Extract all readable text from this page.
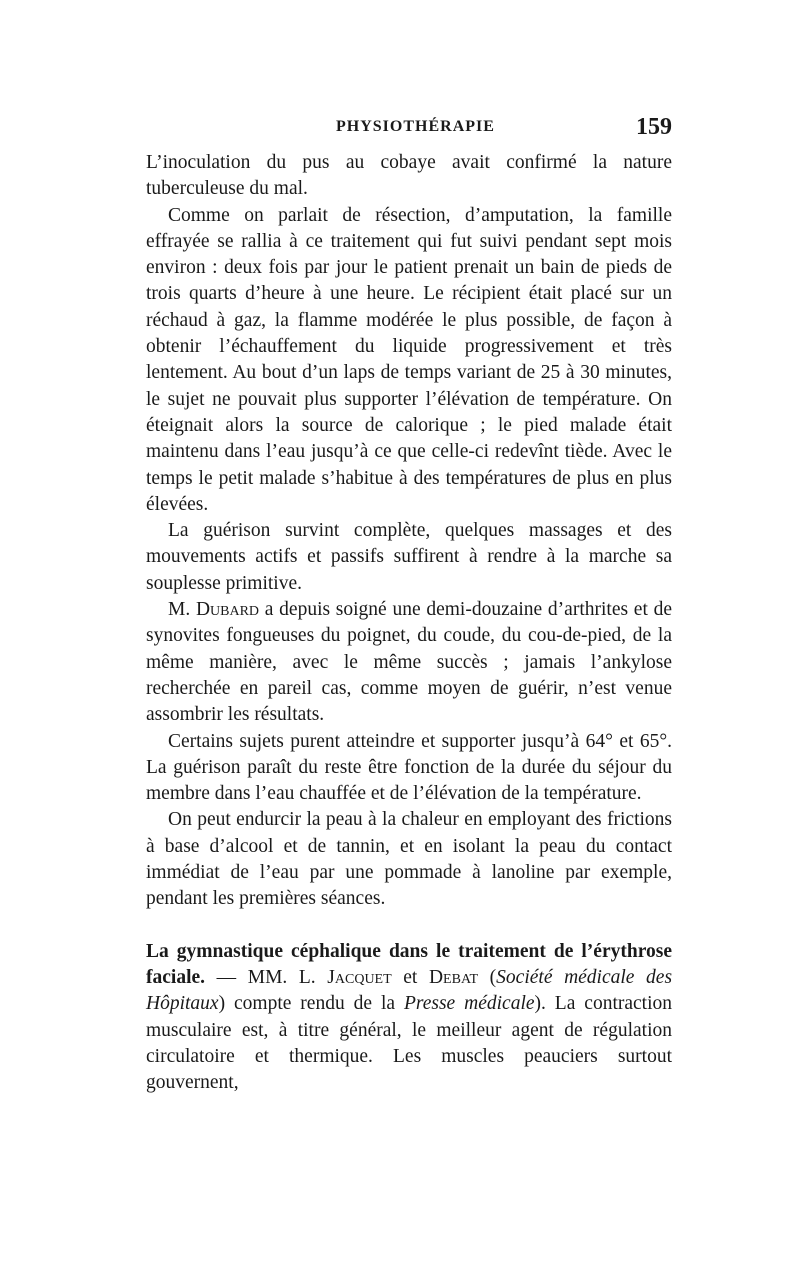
PHYSIOTHÉRAPIE	159

L’inoculation du pus au cobaye avait confirmé la nature tuberculeuse du mal.

Comme on parlait de résection, d’amputation, la famille effrayée se rallia à ce traitement qui fut suivi pendant sept mois environ : deux fois par jour le patient prenait un bain de pieds de trois quarts d’heure à une heure. Le récipient était placé sur un réchaud à gaz, la flamme modérée le plus possible, de façon à obtenir l’échauffement du liquide progressivement et très lentement. Au bout d’un laps de temps variant de 25 à 30 minutes, le sujet ne pouvait plus supporter l’élévation de température. On éteignait alors la source de calorique ; le pied malade était maintenu dans l’eau jusqu’à ce que celle-ci redevînt tiède. Avec le temps le petit malade s’habitue à des températures de plus en plus élevées.

La guérison survint complète, quelques massages et des mouvements actifs et passifs suffirent à rendre à la marche sa souplesse primitive.

M. Dubard a depuis soigné une demi-douzaine d’arthrites et de synovites fongueuses du poignet, du coude, du cou-de-pied, de la même manière, avec le même succès ; jamais l’ankylose recherchée en pareil cas, comme moyen de guérir, n’est venue assombrir les résultats.

Certains sujets purent atteindre et supporter jusqu’à 64° et 65°. La guérison paraît du reste être fonction de la durée du séjour du membre dans l’eau chauffée et de l’élévation de la température.

On peut endurcir la peau à la chaleur en employant des frictions à base d’alcool et de tannin, et en isolant la peau du contact immédiat de l’eau par une pommade à lanoline par exemple, pendant les premières séances.

La gymnastique céphalique dans le traitement de l’érythrose faciale. — MM. L. Jacquet et Debat (Société médicale des Hôpitaux) compte rendu de la Presse médicale). La contraction musculaire est, à titre général, le meilleur agent de régulation circulatoire et thermique. Les muscles peauciers surtout gouvernent,
